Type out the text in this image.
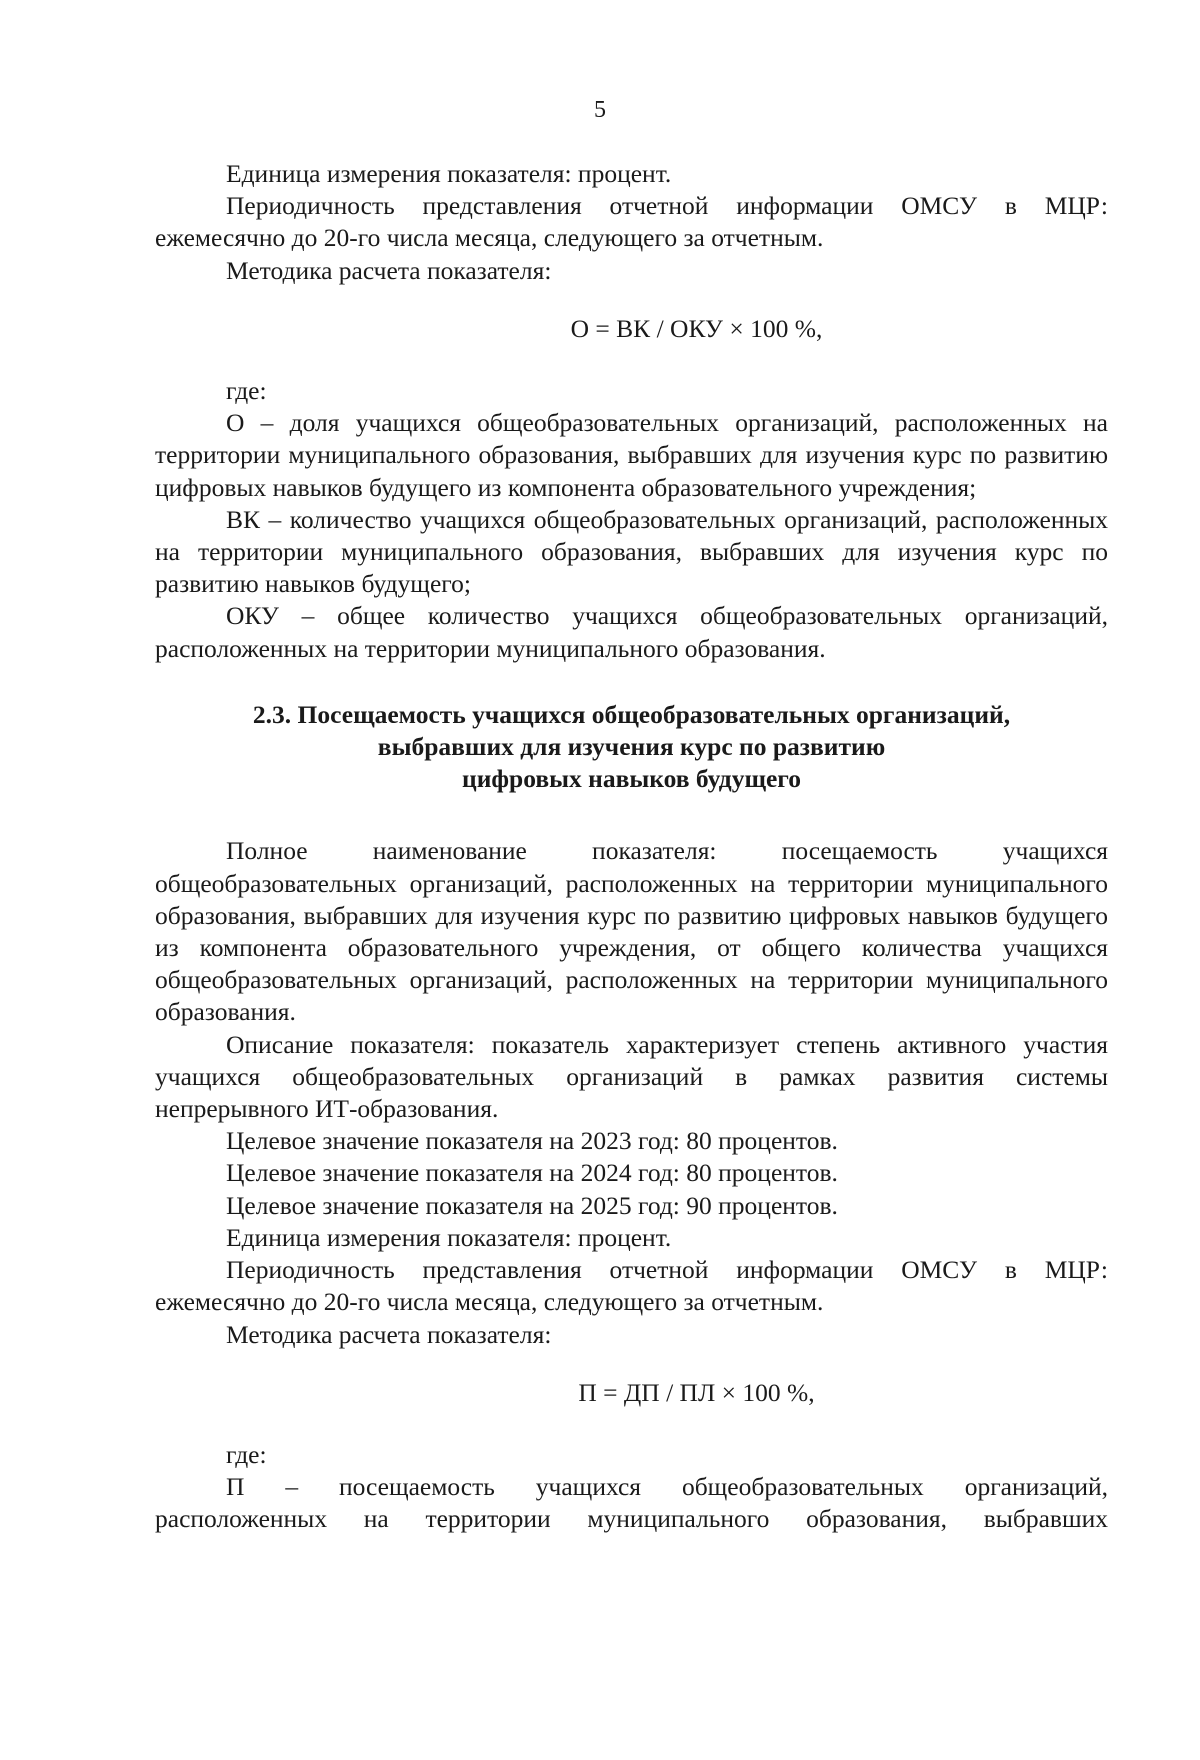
5

Единица измерения показателя: процент.

Периодичность представления отчетной информации ОМСУ в МЦР: ежемесячно до 20-го числа месяца, следующего за отчетным.

Методика расчета показателя:

О = ВК / ОКУ × 100 %,

где:

О – доля учащихся общеобразовательных организаций, расположенных на территории муниципального образования, выбравших для изучения курс по развитию цифровых навыков будущего из компонента образовательного учреждения;

ВК – количество учащихся общеобразовательных организаций, расположенных на территории муниципального образования, выбравших для изучения курс по развитию навыков будущего;

ОКУ – общее количество учащихся общеобразовательных организаций, расположенных на территории муниципального образования.

2.3. Посещаемость учащихся общеобразовательных организаций,
выбравших для изучения курс по развитию
цифровых навыков будущего

Полное наименование показателя: посещаемость учащихся общеобразовательных организаций, расположенных на территории муниципального образования, выбравших для изучения курс по развитию цифровых навыков будущего из компонента образовательного учреждения, от общего количества учащихся общеобразовательных организаций, расположенных на территории муниципального образования.

Описание показателя: показатель характеризует степень активного участия учащихся общеобразовательных организаций в рамках развития системы непрерывного ИТ-образования.

Целевое значение показателя на 2023 год: 80 процентов.

Целевое значение показателя на 2024 год: 80 процентов.

Целевое значение показателя на 2025 год: 90 процентов.

Единица измерения показателя: процент.

Периодичность представления отчетной информации ОМСУ в МЦР: ежемесячно до 20-го числа месяца, следующего за отчетным.

Методика расчета показателя:

П = ДП / ПЛ × 100 %,

где:

П – посещаемость учащихся общеобразовательных организаций, расположенных на территории муниципального образования, выбравших
